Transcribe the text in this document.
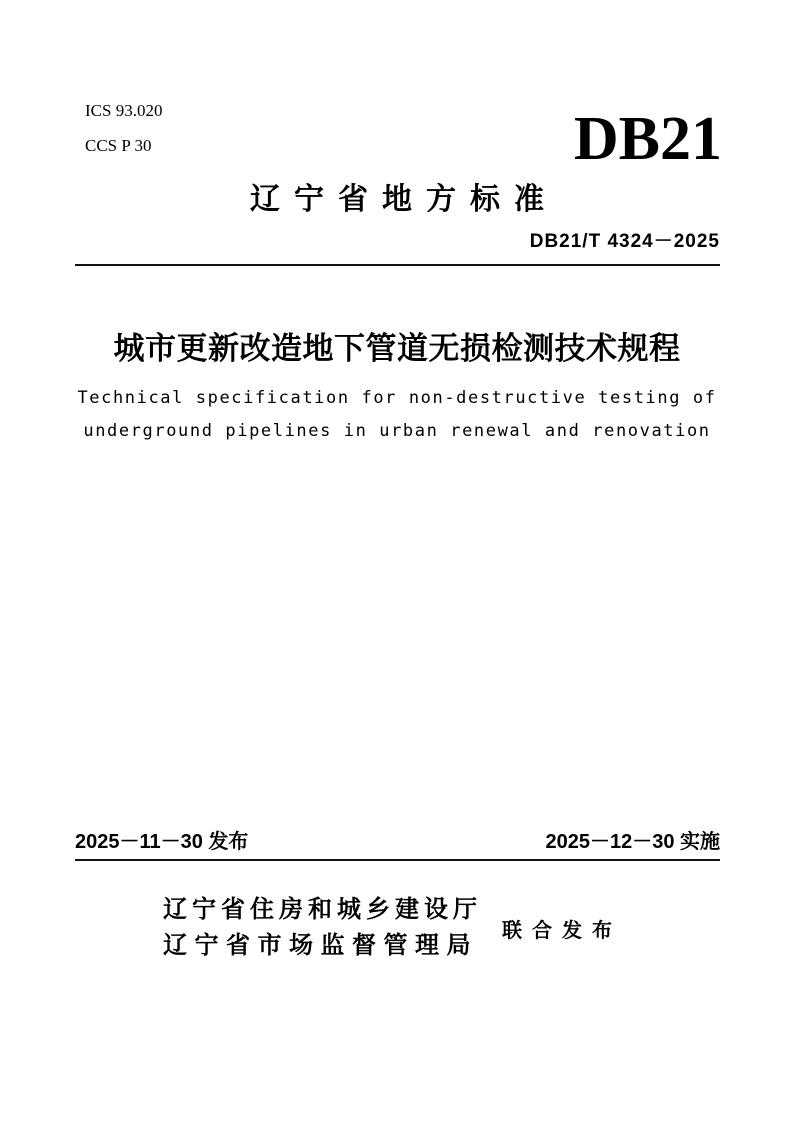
ICS 93.020
CCS P 30	DB21
辽宁省地方标准
DB21/T 4324－2025
城市更新改造地下管道无损检测技术规程
Technical specification for non-destructive testing of
underground pipelines in urban renewal and renovation
2025－11－30 发布	2025－12－30 实施
辽宁省住房和城乡建设厅
辽宁省市场监督管理局
联合发布
